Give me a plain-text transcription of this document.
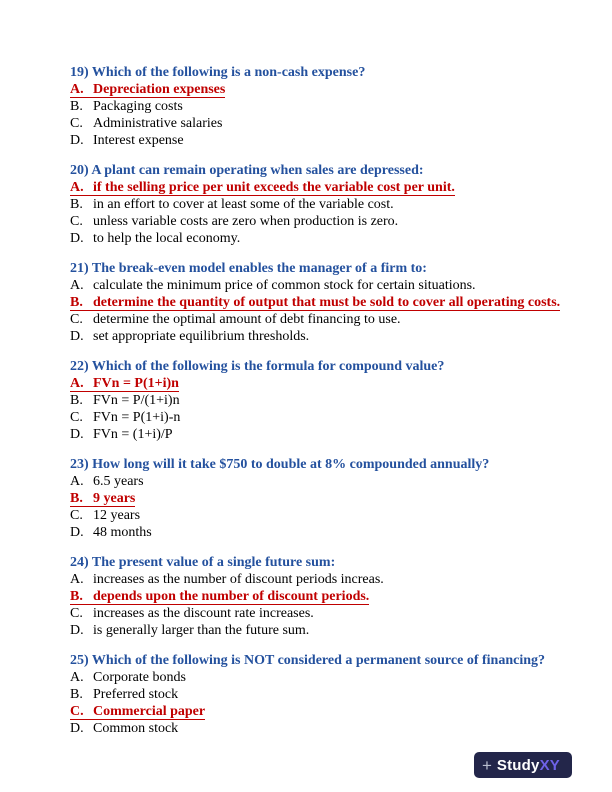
19) Which of the following is a non-cash expense?
A. Depreciation expenses
B. Packaging costs
C. Administrative salaries
D. Interest expense
20) A plant can remain operating when sales are depressed:
A. if the selling price per unit exceeds the variable cost per unit.
B. in an effort to cover at least some of the variable cost.
C. unless variable costs are zero when production is zero.
D. to help the local economy.
21) The break-even model enables the manager of a firm to:
A. calculate the minimum price of common stock for certain situations.
B. determine the quantity of output that must be sold to cover all operating costs.
C. determine the optimal amount of debt financing to use.
D. set appropriate equilibrium thresholds.
22) Which of the following is the formula for compound value?
A. FVn = P(1+i)n
B. FVn = P/(1+i)n
C. FVn = P(1+i)-n
D. FVn = (1+i)/P
23) How long will it take $750 to double at 8% compounded annually?
A. 6.5 years
B. 9 years
C. 12 years
D. 48 months
24) The present value of a single future sum:
A. increases as the number of discount periods increas.
B. depends upon the number of discount periods.
C. increases as the discount rate increases.
D. is generally larger than the future sum.
25) Which of the following is NOT considered a permanent source of financing?
A. Corporate bonds
B. Preferred stock
C. Commercial paper
D. Common stock
+ StudyXY
